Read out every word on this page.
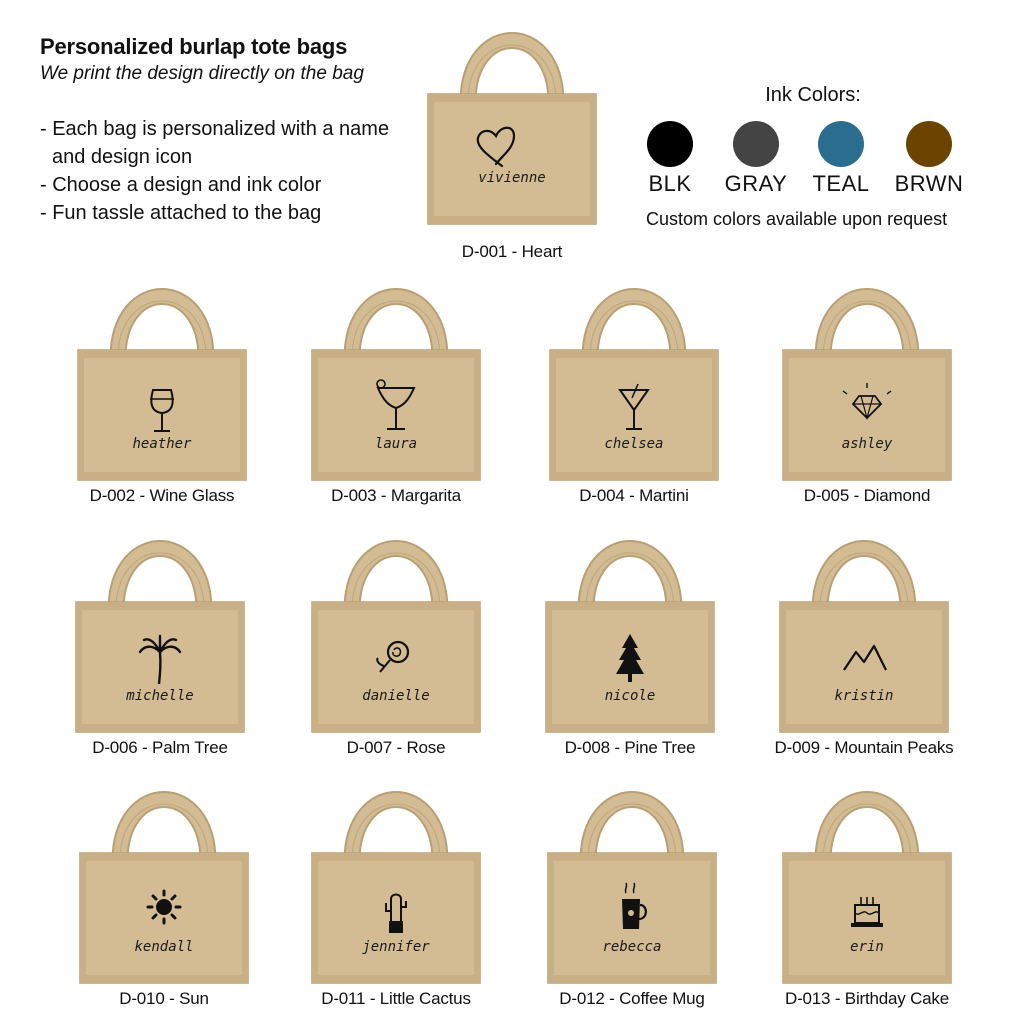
Personalized burlap tote bags
We print the design directly on the bag
- Each bag is personalized with a name
and design icon
- Choose a design and ink color
- Fun tassle attached to the bag
Ink Colors:
BLK	GRAY	TEAL	BRWN
Custom colors available upon request
vivienne
D-001 - Heart
heather
D-002 - Wine Glass
laura
D-003 - Margarita
chelsea
D-004 - Martini
ashley
D-005 - Diamond
michelle
D-006 - Palm Tree
danielle
D-007 - Rose
nicole
D-008 - Pine Tree
kristin
D-009 - Mountain Peaks
kendall
D-010 - Sun
jennifer
D-011 - Little Cactus
rebecca
D-012 - Coffee Mug
erin
D-013 - Birthday Cake
